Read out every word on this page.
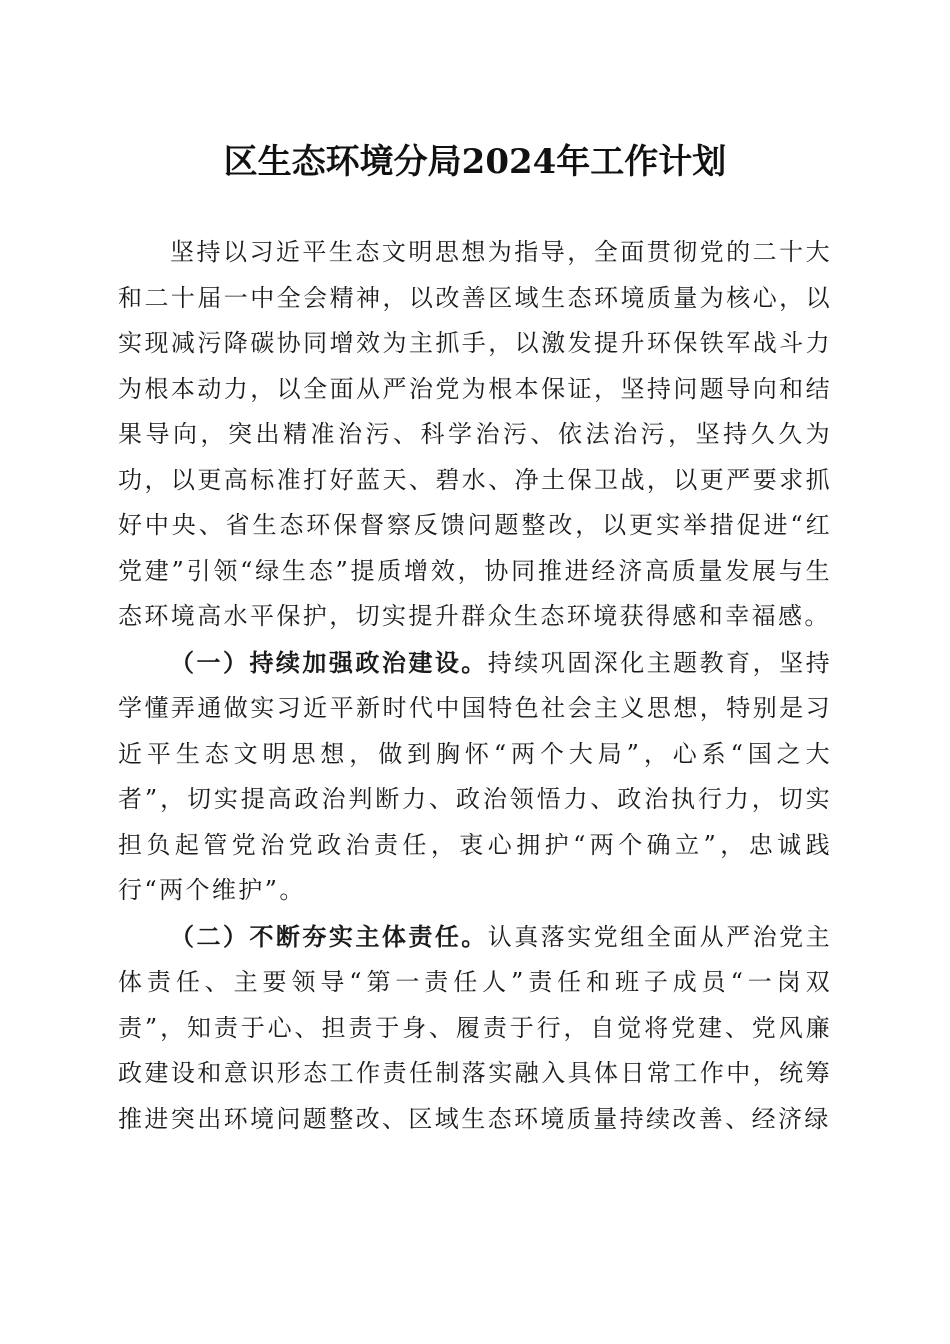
区生态环境分局2024年工作计划

坚持以习近平生态文明思想为指导，全面贯彻党的二十大和二十届一中全会精神，以改善区域生态环境质量为核心，以实现减污降碳协同增效为主抓手，以激发提升环保铁军战斗力为根本动力，以全面从严治党为根本保证，坚持问题导向和结果导向，突出精准治污、科学治污、依法治污，坚持久久为功，以更高标准打好蓝天、碧水、净土保卫战，以更严要求抓好中央、省生态环保督察反馈问题整改，以更实举措促进“红党建”引领“绿生态”提质增效，协同推进经济高质量发展与生态环境高水平保护，切实提升群众生态环境获得感和幸福感。

（一）持续加强政治建设。持续巩固深化主题教育，坚持学懂弄通做实习近平新时代中国特色社会主义思想，特别是习近平生态文明思想，做到胸怀“两个大局”，心系“国之大者”，切实提高政治判断力、政治领悟力、政治执行力，切实担负起管党治党政治责任，衷心拥护“两个确立”，忠诚践行“两个维护”。

（二）不断夯实主体责任。认真落实党组全面从严治党主体责任、主要领导“第一责任人”责任和班子成员“一岗双责”，知责于心、担责于身、履责于行，自觉将党建、党风廉政建设和意识形态工作责任制落实融入具体日常工作中，统筹推进突出环境问题整改、区域生态环境质量持续改善、经济绿
